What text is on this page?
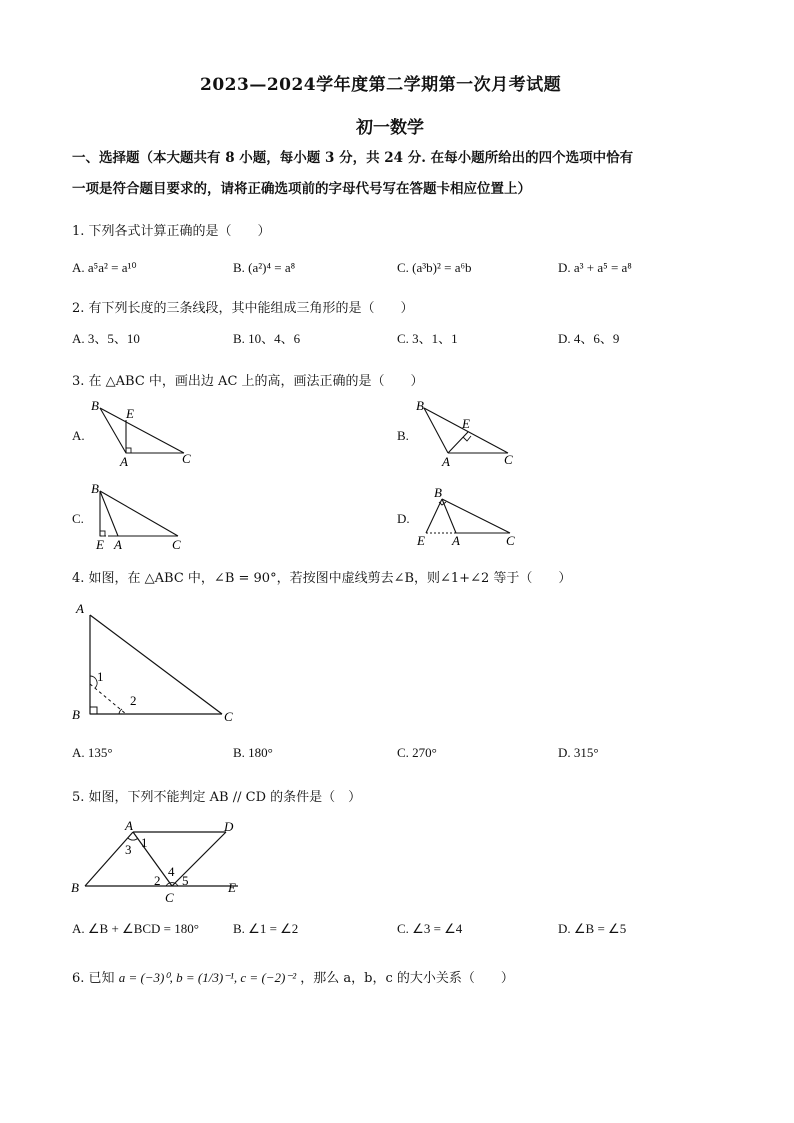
2023—2024学年度第二学期第一次月考试题
初一数学
一、选择题（本大题共有 8 小题，每小题 3 分，共 24 分. 在每小题所给出的四个选项中恰有
一项是符合题目要求的，请将正确选项前的字母代号写在答题卡相应位置上）
1. 下列各式计算正确的是（　　）
A. a⁵a² = a¹⁰	B. (a²)⁴ = a⁸	C. (a³b)² = a⁶b	D. a³ + a⁵ = a⁸
2. 有下列长度的三条线段，其中能组成三角形的是（　　）
A. 3、5、10	B. 10、4、6	C. 3、1、1	D. 4、6、9
3. 在 △ABC 中，画出边 AC 上的高，画法正确的是（　　）
A.	B.
C.	D.
B
E
A	C
B
E
A	C
B
E A	C
B
E A	C
4. 如图，在 △ABC 中，∠B = 90°，若按图中虚线剪去∠B，则∠1+∠2 等于（　　）
A
B	C
1
2
A. 135°	B. 180°	C. 270°	D. 315°
5. 如图，下列不能判定 AB // CD 的条件是（　）
A	D
B	E
C
3 1
4
2 5
A. ∠B + ∠BCD = 180°	B. ∠1 = ∠2	C. ∠3 = ∠4	D. ∠B = ∠5
6. 已知 a = (−3)⁰, b = (1/3)⁻¹, c = (−2)⁻² ，那么 a，b，c 的大小关系（　　）
